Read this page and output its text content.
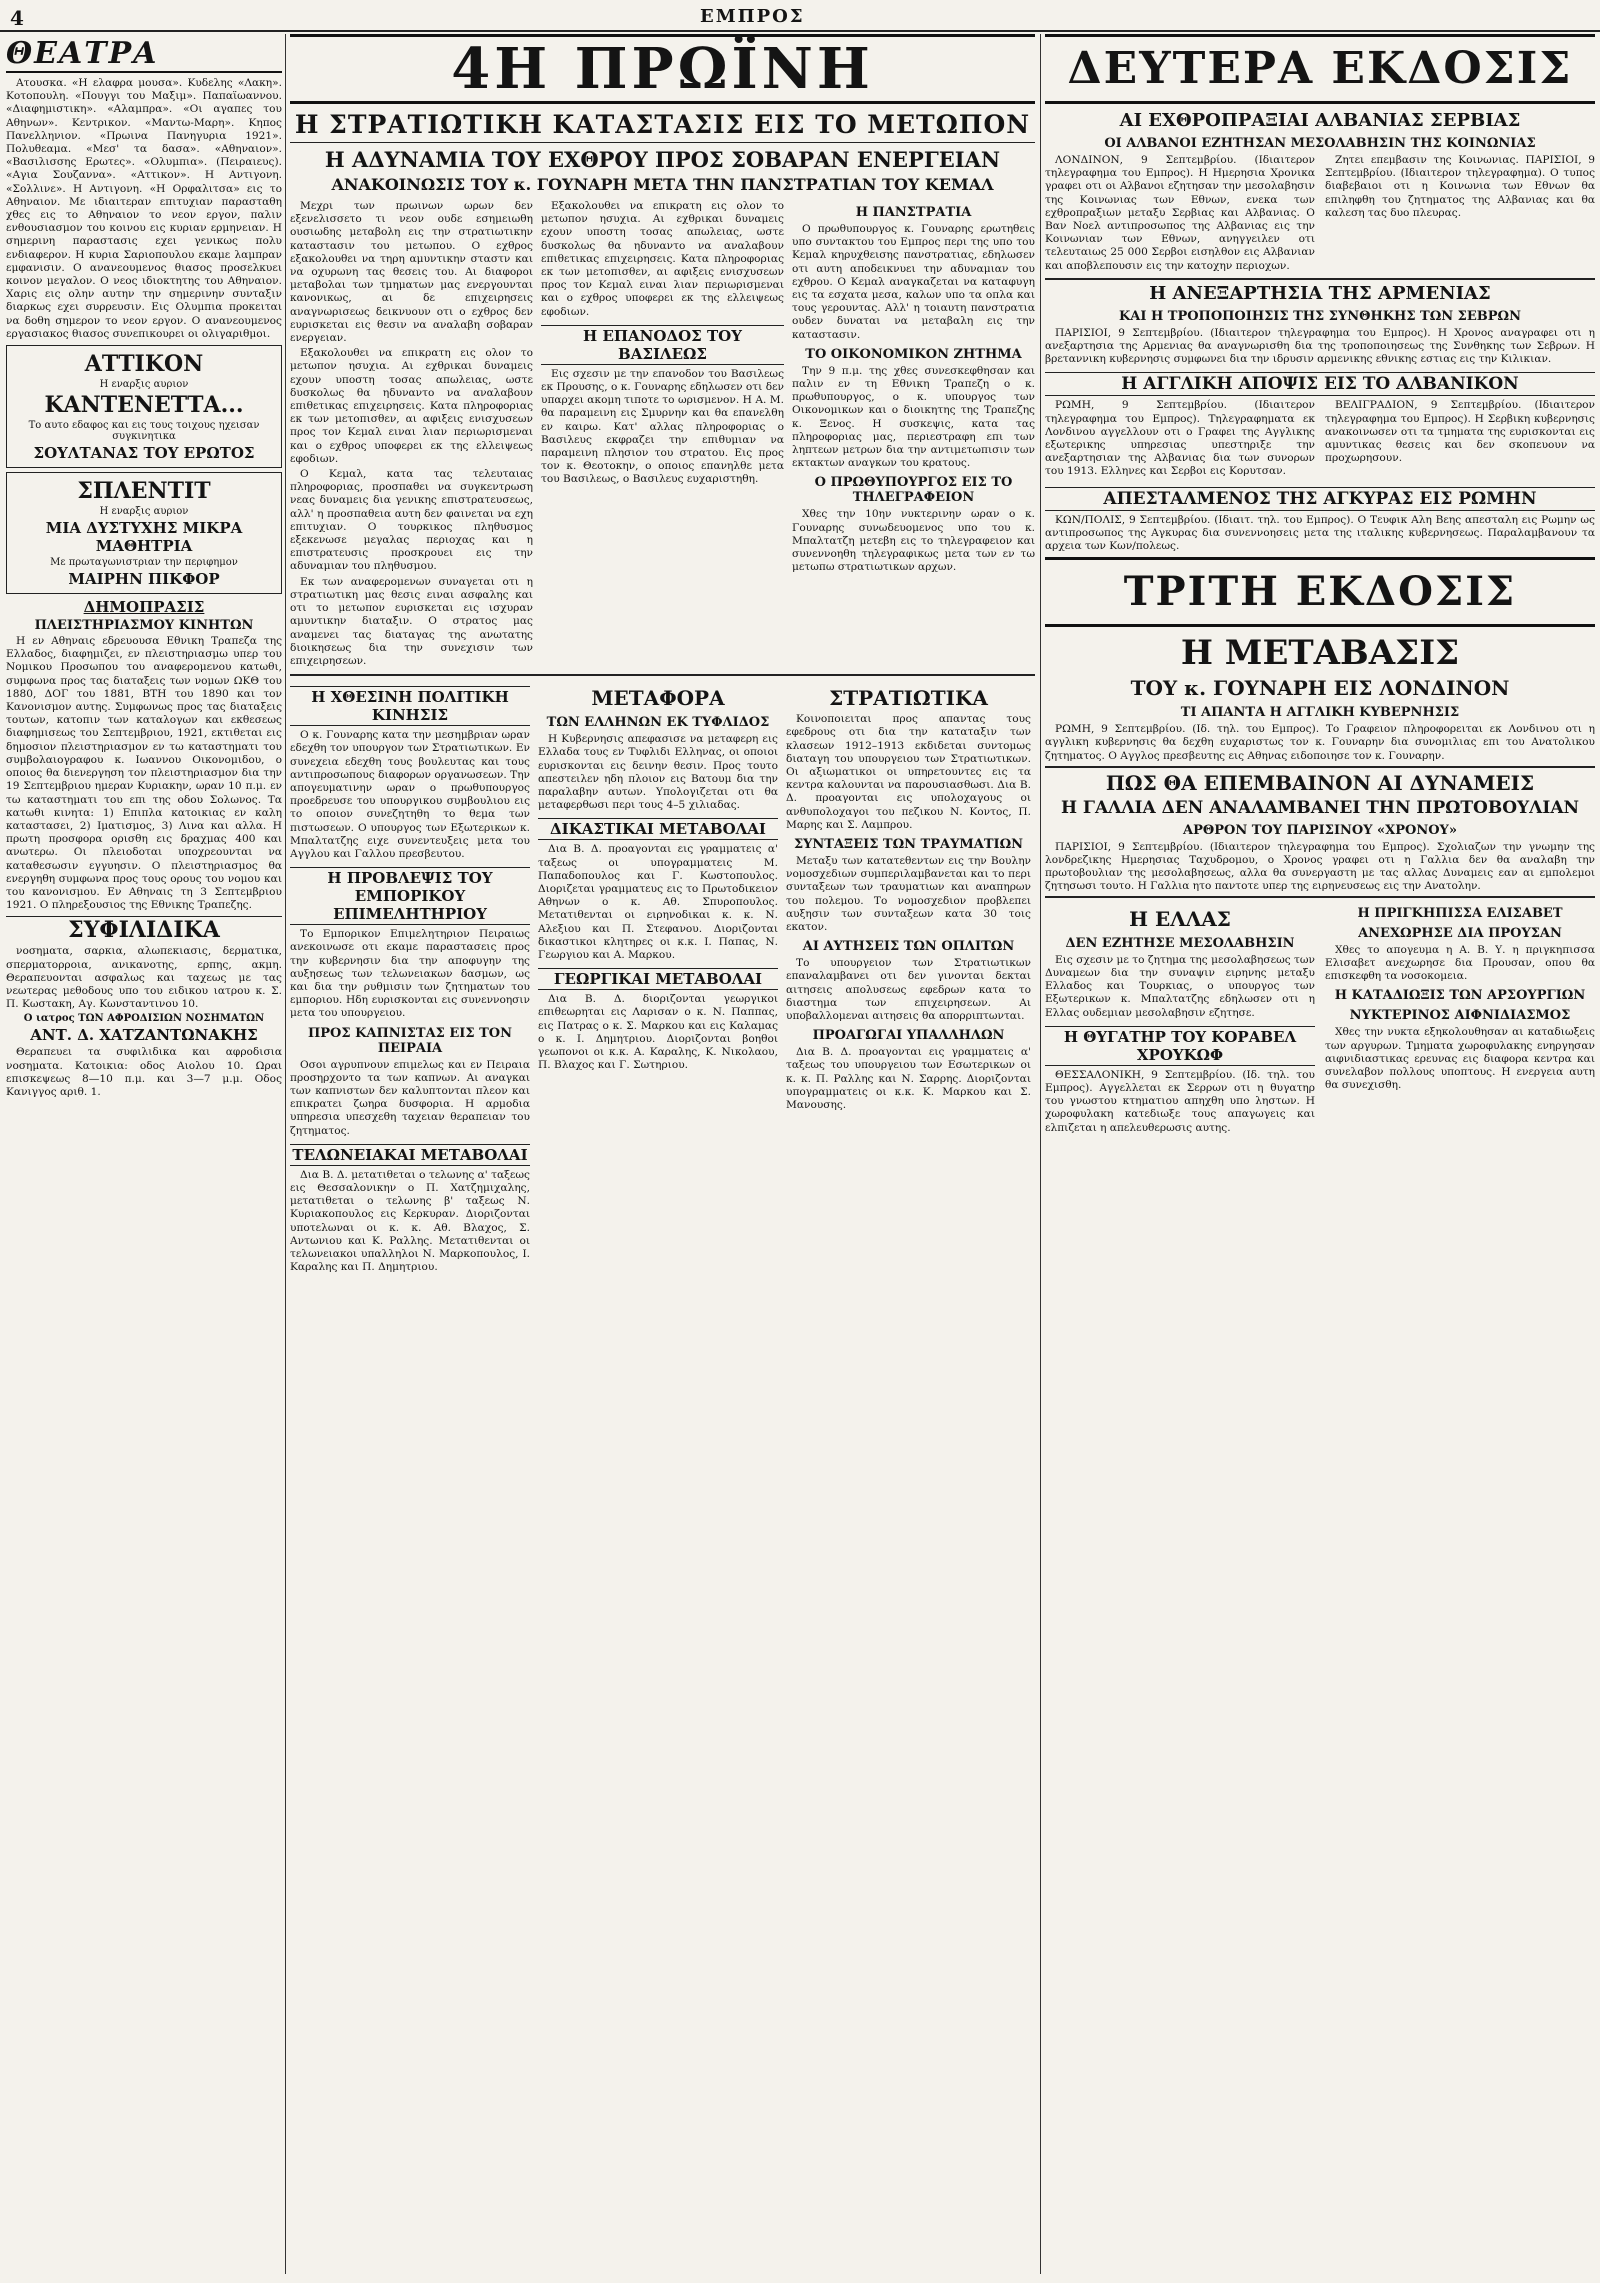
4	ΕΜΠΡΟΣ
ΘΕΑΤΡΑ

Ατουσκα. «Η ελαφρα μουσα». Κυδελης «Λακη». Κοτοπουλη. «Πουγγι του Μαξιμ». Παπαϊωαννου. «Διαφημιστικη». «Αλαμπρα». «Οι αγαπες του Αθηνων». Κεντρικον. «Μαντω-Μαρη». Κηπος Πανελληνιον. «Πρωινα Πανηγυρια 1921». Πολυθεαμα. «Μεσ' τα δασα». «Αθηναιον». «Βασιλισσης Ερωτες». «Ολυμπια». (Πειραιευς). «Αγια Σουζαννα». «Αττικον». Η Αντιγονη. «Σολλινε». Η Αντιγονη. «Η Ορφαλιτσα» εις το Αθηναιον. Με ιδιαιτεραν επιτυχιαν παρασταθη χθες εις το Αθηναιον το νεον εργον, παλιν ενθουσιασμον του κοινου εις κυριαν ερμηνειαν. Η σημερινη παραστασις εχει γενικως πολυ ενδιαφερον. Η κυρια Σαριοπουλου εκαμε λαμπραν εμφανισιν. Ο ανανεουμενος θιασος προσελκυει κοινον μεγαλον. Ο νεος ιδιοκτητης του Αθηναιον. Χαρις εις ολην αυτην την σημερινην συνταξιν διαρκως εχει συρρευσιν. Εις Ολυμπια προκειται να δοθη σημερον το νεον εργον. Ο ανανεουμενος εργασιακος θιασος συνεπικουρει οι ολιγαριθμοι.

ΑΤΤΙΚΟΝ
Η εναρξις αυριον
ΚΑΝΤΕΝΕΤΤΑ...
Το αυτο εδαφος και εις τους τοιχους ηχεισαν συγκινητικα
ΣΟΥΛΤΑΝΑΣ ΤΟΥ ΕΡΩΤΟΣ
ΣΠΛΕΝΤΙΤ
Η εναρξις αυριον
ΜΙΑ ΔΥΣΤΥΧΗΣ ΜΙΚΡΑ ΜΑΘΗΤΡΙΑ
Με πρωταγωνιστριαν την περιφημον
ΜΑΙΡΗΝ ΠΙΚΦΟΡ
ΔΗΜΟΠΡΑΣΙΣ
ΠΛΕΙΣΤΗΡΙΑΣΜΟΥ ΚΙΝΗΤΩΝ

Η εν Αθηναις εδρευουσα Εθνικη Τραπεζα της Ελλαδος, διαφημιζει, εν πλειστηριασμω υπερ του Νομικου Προσωπου του αναφερομενου κατωθι, συμφωνα προς τας διαταξεις των νομων ΩΚΘ του 1880, ΔΟΓ του 1881, ΒΤΗ του 1890 και τον Κανονισμον αυτης. Συμφωνως προς τας διαταξεις τουτων, κατοπιν των καταλογων και εκθεσεως διαφημισεως του Σεπτεμβριου, 1921, εκτιθεται εις δημοσιον πλειστηριασμον εν τω καταστηματι του συμβολαιογραφου κ. Ιωαννου Οικονομιδου, ο οποιος θα διενεργηση τον πλειστηριασμον δια την 19 Σεπτεμβριου ημεραν Κυριακην, ωραν 10 π.μ. εν τω καταστηματι του επι της οδου Σολωνος. Τα κατωθι κινητα: 1) Επιπλα κατοικιας εν καλη καταστασει, 2) Ιματισμος, 3) Λινα και αλλα. Η πρωτη προσφορα ορισθη εις δραχμας 400 και ανωτερω. Οι πλειοδοται υποχρεουνται να καταθεσωσιν εγγυησιν. Ο πλειστηριασμος θα ενεργηθη συμφωνα προς τους ορους του νομου και του κανονισμου. Εν Αθηναις τη 3 Σεπτεμβριου 1921. Ο πληρεξουσιος της Εθνικης Τραπεζης.

ΣΥΦΙΛΙΔΙΚΑ

νοσηματα, σαρκια, αλωπεκιασις, δερματικα, σπερματορροια, ανικανοτης, ερπης, ακμη. Θεραπευονται ασφαλως και ταχεως με τας νεωτερας μεθοδους υπο του ειδικου ιατρου κ. Σ. Π. Κωστακη, Αγ. Κωνσταντινου 10.

Ο ιατρος ΤΩΝ ΑΦΡΟΔΙΣΙΩΝ ΝΟΣΗΜΑΤΩΝ
ΑΝΤ. Δ. ΧΑΤΖΑΝΤΩΝΑΚΗΣ

Θεραπευει τα συφιλιδικα και αφροδισια νοσηματα. Κατοικια: οδος Αιολου 10. Ωραι επισκεψεως 8—10 π.μ. και 3—7 μ.μ. Οδος Κανιγγος αριθ. 1.

4Η ΠΡΩΪΝΗ
Η ΣΤΡΑΤΙΩΤΙΚΗ ΚΑΤΑΣΤΑΣΙΣ ΕΙΣ ΤΟ ΜΕΤΩΠΟΝ
Η ΑΔΥΝΑΜΙΑ ΤΟΥ ΕΧΘΡΟΥ ΠΡΟΣ ΣΟΒΑΡΑΝ ΕΝΕΡΓΕΙΑΝ
ΑΝΑΚΟΙΝΩΣΙΣ ΤΟΥ κ. ΓΟΥΝΑΡΗ ΜΕΤΑ ΤΗΝ ΠΑΝΣΤΡΑΤΙΑΝ ΤΟΥ ΚΕΜΑΛ

Μεχρι των πρωινων ωρων δεν εξενελισσετο τι νεον ουδε εσημειωθη ουσιωδης μεταβολη εις την στρατιωτικην καταστασιν του μετωπου. Ο εχθρος εξακολουθει να τηρη αμυντικην σταστν και να οχυρωνη τας θεσεις του. Αι διαφοροι μεταβολαι των τμηματων μας ενεργουνται κανονικως, αι δε επιχειρησεις αναγνωρισεως δεικνυουν οτι ο εχθρος δεν ευρισκεται εις θεσιν να αναλαβη σοβαραν ενεργειαν.

Εξακολουθει να επικρατη εις ολον το μετωπον ησυχια. Αι εχθρικαι δυναμεις εχουν υποστη τοσας απωλειας, ωστε δυσκολως θα ηδυναντο να αναλαβουν επιθετικας επιχειρησεις. Κατα πληροφοριας εκ των μετοπισθεν, αι αφιξεις ενισχυσεων προς τον Κεμαλ ειναι λιαν περιωρισμεναι και ο εχθρος υποφερει εκ της ελλειψεως εφοδιων.

Ο Κεμαλ, κατα τας τελευταιας πληροφοριας, προσπαθει να συγκεντρωση νεας δυναμεις δια γενικης επιστρατευσεως, αλλ' η προσπαθεια αυτη δεν φαινεται να εχη επιτυχιαν. Ο τουρκικος πληθυσμος εξεκενωσε μεγαλας περιοχας και η επιστρατευσις προσκρουει εις την αδυναμιαν του πληθυσμου.

Εκ των αναφερομενων συναγεται οτι η στρατιωτικη μας θεσις ειναι ασφαλης και οτι το μετωπον ευρισκεται εις ισχυραν αμυντικην διαταξιν. Ο στρατος μας αναμενει τας διαταγας της ανωτατης διοικησεως δια την συνεχισιν των επιχειρησεων.

Εξακολουθει να επικρατη εις ολον το μετωπον ησυχια. Αι εχθρικαι δυναμεις εχουν υποστη τοσας απωλειας, ωστε δυσκολως θα ηδυναντο να αναλαβουν επιθετικας επιχειρησεις. Κατα πληροφοριας εκ των μετοπισθεν, αι αφιξεις ενισχυσεων προς τον Κεμαλ ειναι λιαν περιωρισμεναι και ο εχθρος υποφερει εκ της ελλειψεως εφοδιων.

Η ΕΠΑΝΟΔΟΣ ΤΟΥ ΒΑΣΙΛΕΩΣ

Εις σχεσιν με την επανοδον του Βασιλεως εκ Προυσης, ο κ. Γουναρης εδηλωσεν οτι δεν υπαρχει ακομη τιποτε το ωρισμενον. Η Α. Μ. θα παραμεινη εις Σμυρνην και θα επανελθη εν καιρω. Κατ' αλλας πληροφοριας ο Βασιλευς εκφραζει την επιθυμιαν να παραμεινη πλησιον του στρατου. Εις προς τον κ. Θεοτοκην, ο οποιος επανηλθε μετα του Βασιλεως, ο Βασιλευς ευχαριστηθη.

Η ΠΑΝΣΤΡΑΤΙΑ

Ο πρωθυπουργος κ. Γουναρης ερωτηθεις υπο συντακτου του Εμπρος περι της υπο του Κεμαλ κηρυχθεισης πανστρατιας, εδηλωσεν οτι αυτη αποδεικνυει την αδυναμιαν του εχθρου. Ο Κεμαλ αναγκαζεται να καταφυγη εις τα εσχατα μεσα, καλων υπο τα οπλα και τους γερουντας. Αλλ' η τοιαυτη πανστρατια ουδεν δυναται να μεταβαλη εις την καταστασιν.

ΤΟ ΟΙΚΟΝΟΜΙΚΟΝ ΖΗΤΗΜΑ

Την 9 π.μ. της χθες συνεσκεφθησαν και παλιν εν τη Εθνικη Τραπεζη ο κ. πρωθυπουργος, ο κ. υπουργος των Οικονομικων και ο διοικητης της Τραπεζης κ. Ξενος. Η συσκεψις, κατα τας πληροφοριας μας, περιεστραφη επι των ληπτεων μετρων δια την αντιμετωπισιν των εκτακτων αναγκων του κρατους.

Ο ΠΡΩΘΥΠΟΥΡΓΟΣ ΕΙΣ ΤΟ ΤΗΛΕΓΡΑΦΕΙΟΝ

Χθες την 10ην νυκτερινην ωραν ο κ. Γουναρης συνωδευομενος υπο του κ. Μπαλτατζη μετεβη εις το τηλεγραφειον και συνεννοηθη τηλεγραφικως μετα των εν τω μετωπω στρατιωτικων αρχων.

Η ΧΘΕΣΙΝΗ ΠΟΛΙΤΙΚΗ ΚΙΝΗΣΙΣ

Ο κ. Γουναρης κατα την μεσημβριαν ωραν εδεχθη τον υπουργον των Στρατιωτικων. Εν συνεχεια εδεχθη τους βουλευτας και τους αντιπροσωπους διαφορων οργανωσεων. Την απογευματινην ωραν ο πρωθυπουργος προεδρευσε του υπουργικου συμβουλιου εις το οποιον συνεζητηθη το θεμα των πιστωσεων. Ο υπουργος των Εξωτερικων κ. Μπαλτατζης ειχε συνεντευξεις μετα του Αγγλου και Γαλλου πρεσβευτου.

Η ΠΡΟΒΛΕΨΙΣ ΤΟΥ ΕΜΠΟΡΙΚΟΥ ΕΠΙΜΕΛΗΤΗΡΙΟΥ

Το Εμπορικον Επιμελητηριον Πειραιως ανεκοινωσε οτι εκαμε παραστασεις προς την κυβερνησιν δια την αποφυγην της αυξησεως των τελωνειακων δασμων, ως και δια την ρυθμισιν των ζητηματων του εμποριου. Ηδη ευρισκονται εις συνεννοησιν μετα του υπουργειου.

ΠΡΟΣ ΚΑΠΝΙΣΤΑΣ ΕΙΣ ΤΟΝ ΠΕΙΡΑΙΑ

Οσοι αγρυπνουν επιμελως και εν Πειραια προσηρχοντο τα των καπνων. Αι αναγκαι των καπνιστων δεν καλυπτονται πλεον και επικρατει ζωηρα δυσφορια. Η αρμοδια υπηρεσια υπεσχεθη ταχειαν θεραπειαν του ζητηματος.

ΤΕΛΩΝΕΙΑΚΑΙ ΜΕΤΑΒΟΛΑΙ

Δια Β. Δ. μετατιθεται ο τελωνης α' ταξεως εις Θεσσαλονικην ο Π. Χατζημιχαλης, μετατιθεται ο τελωνης β' ταξεως Ν. Κυριακοπουλος εις Κερκυραν. Διοριζονται υποτελωναι οι κ. κ. Αθ. Βλαχος, Σ. Αντωνιου και Κ. Ραλλης. Μετατιθενται οι τελωνειακοι υπαλληλοι Ν. Μαρκοπουλος, Ι. Καραλης και Π. Δημητριου.

ΜΕΤΑΦΟΡΑ
ΤΩΝ ΕΛΛΗΝΩΝ ΕΚ ΤΥΦΛΙΔΟΣ

Η Κυβερνησις απεφασισε να μεταφερη εις Ελλαδα τους εν Τυφλιδι Ελληνας, οι οποιοι ευρισκονται εις δεινην θεσιν. Προς τουτο απεστειλεν ηδη πλοιον εις Βατουμ δια την παραλαβην αυτων. Υπολογιζεται οτι θα μεταφερθωσι περι τους 4–5 χιλιαδας.

ΔΙΚΑΣΤΙΚΑΙ ΜΕΤΑΒΟΛΑΙ

Δια Β. Δ. προαγονται εις γραμματεις α' ταξεως οι υπογραμματεις Μ. Παπαδοπουλος και Γ. Κωστοπουλος. Διοριζεται γραμματευς εις το Πρωτοδικειον Αθηνων ο κ. Αθ. Σπυροπουλος. Μετατιθενται οι ειρηνοδικαι κ. κ. Ν. Αλεξιου και Π. Στεφανου. Διοριζονται δικαστικοι κλητηρες οι κ.κ. Ι. Παπας, Ν. Γεωργιου και Α. Μαρκου.

ΓΕΩΡΓΙΚΑΙ ΜΕΤΑΒΟΛΑΙ

Δια Β. Δ. διοριζονται γεωργικοι επιθεωρηται εις Λαρισαν ο κ. Ν. Παππας, εις Πατρας ο κ. Σ. Μαρκου και εις Καλαμας ο κ. Ι. Δημητριου. Διοριζονται βοηθοι γεωπονοι οι κ.κ. Α. Καραλης, Κ. Νικολαου, Π. Βλαχος και Γ. Σωτηριου.

ΣΤΡΑΤΙΩΤΙΚΑ

Κοινοποιειται προς απαντας τους εφεδρους οτι δια την καταταξιν των κλασεων 1912–1913 εκδιδεται συντομως διαταγη του υπουργειου των Στρατιωτικων. Οι αξιωματικοι οι υπηρετουντες εις τα κεντρα καλουνται να παρουσιασθωσι. Δια Β. Δ. προαγονται εις υπολοχαγους οι ανθυπολοχαγοι του πεζικου Ν. Κοντος, Π. Μαρης και Σ. Λαμπρου.

ΣΥΝΤΑΞΕΙΣ ΤΩΝ ΤΡΑΥΜΑΤΙΩΝ

Μεταξυ των κατατεθεντων εις την Βουλην νομοσχεδιων συμπεριλαμβανεται και το περι συνταξεων των τραυματιων και αναπηρων του πολεμου. Το νομοσχεδιον προβλεπει αυξησιν των συνταξεων κατα 30 τοις εκατον.

ΑΙ ΑΥΤΗΣΕΙΣ ΤΩΝ ΟΠΛΙΤΩΝ

Το υπουργειον των Στρατιωτικων επαναλαμβανει οτι δεν γινονται δεκται αιτησεις απολυσεως εφεδρων κατα το διαστημα των επιχειρησεων. Αι υποβαλλομεναι αιτησεις θα απορριπτωνται.

ΠΡΟΑΓΩΓΑΙ ΥΠΑΛΛΗΛΩΝ

Δια Β. Δ. προαγονται εις γραμματεις α' ταξεως του υπουργειου των Εσωτερικων οι κ. κ. Π. Ραλλης και Ν. Σαρρης. Διοριζονται υπογραμματεις οι κ.κ. Κ. Μαρκου και Σ. Μανουσης.

ΔΕΥΤΕΡΑ ΕΚΔΟΣΙΣ
ΑΙ ΕΧΘΡΟΠΡΑΞΙΑΙ ΑΛΒΑΝΙΑΣ ΣΕΡΒΙΑΣ
ΟΙ ΑΛΒΑΝΟΙ ΕΖΗΤΗΣΑΝ ΜΕΣΟΛΑΒΗΣΙΝ ΤΗΣ ΚΟΙΝΩΝΙΑΣ

ΛΟΝΔΙΝΟΝ, 9 Σεπτεμβρίου. (Ιδιαιτερον τηλεγραφημα του Εμπρος). Η Ημερησια Χρονικα γραφει οτι οι Αλβανοι εζητησαν την μεσολαβησιν της Κοινωνιας των Εθνων, ενεκα των εχθροπραξιων μεταξυ Σερβιας και Αλβανιας. Ο Βαν Νοελ αντιπροσωπος της Αλβανιας εις την Κοινωνιαν των Εθνων, ανηγγειλεν οτι τελευταιως 25 000 Σερβοι εισηλθον εις Αλβανιαν και αποβλεπουσιν εις την κατοχην περιοχων.

Ζητει επεμβασιν της Κοινωνιας. ΠΑΡΙΣΙΟΙ, 9 Σεπτεμβρίου. (Ιδιαιτερον τηλεγραφημα). Ο τυπος διαβεβαιοι οτι η Κοινωνια των Εθνων θα επιληφθη του ζητηματος της Αλβανιας και θα καλεση τας δυο πλευρας.

Η ΑΝΕΞΑΡΤΗΣΙΑ ΤΗΣ ΑΡΜΕΝΙΑΣ
ΚΑΙ Η ΤΡΟΠΟΠΟΙΗΣΙΣ ΤΗΣ ΣΥΝΘΗΚΗΣ ΤΩΝ ΣΕΒΡΩΝ

ΠΑΡΙΣΙΟΙ, 9 Σεπτεμβρίου. (Ιδιαιτερον τηλεγραφημα του Εμπρος). Η Χρονος αναγραφει οτι η ανεξαρτησια της Αρμενιας θα αναγνωρισθη δια της τροποποιησεως της Συνθηκης των Σεβρων. Η βρεταννικη κυβερνησις συμφωνει δια την ιδρυσιν αρμενικης εθνικης εστιας εις την Κιλικιαν.

Η ΑΓΓΛΙΚΗ ΑΠΟΨΙΣ ΕΙΣ ΤΟ ΑΛΒΑΝΙΚΟΝ

ΡΩΜΗ, 9 Σεπτεμβρίου. (Ιδιαιτερον τηλεγραφημα του Εμπρος). Τηλεγραφηματα εκ Λονδινου αγγελλουν οτι ο Γραφει της Αγγλικης εξωτερικης υπηρεσιας υπεστηριξε την ανεξαρτησιαν της Αλβανιας δια των συνορων του 1913. Ελληνες και Σερβοι εις Κορυτσαν.

ΒΕΛΙΓΡΑΔΙΟΝ, 9 Σεπτεμβρίου. (Ιδιαιτερον τηλεγραφημα του Εμπρος). Η Σερβικη κυβερνησις ανακοινωσεν οτι τα τμηματα της ευρισκονται εις αμυντικας θεσεις και δεν σκοπευουν να προχωρησουν.

ΑΠΕΣΤΑΛΜΕΝΟΣ ΤΗΣ ΑΓΚΥΡΑΣ ΕΙΣ ΡΩΜΗΝ

ΚΩΝ/ΠΟΛΙΣ, 9 Σεπτεμβρίου. (Ιδιαιτ. τηλ. του Εμπρος). Ο Τευφικ Αλη Βεης απεσταλη εις Ρωμην ως αντιπροσωπος της Αγκυρας δια συνεννοησεις μετα της ιταλικης κυβερνησεως. Παραλαμβανουν τα αρχεια των Κων/πολεως.

ΤΡΙΤΗ ΕΚΔΟΣΙΣ
Η ΜΕΤΑΒΑΣΙΣ
ΤΟΥ κ. ΓΟΥΝΑΡΗ ΕΙΣ ΛΟΝΔΙΝΟΝ
ΤΙ ΑΠΑΝΤΑ Η ΑΓΓΛΙΚΗ ΚΥΒΕΡΝΗΣΙΣ

ΡΩΜΗ, 9 Σεπτεμβρίου. (Ιδ. τηλ. του Εμπρος). Το Γραφειον πληροφορειται εκ Λονδινου οτι η αγγλικη κυβερνησις θα δεχθη ευχαριστως τον κ. Γουναρην δια συνομιλιας επι του Ανατολικου ζητηματος. Ο Αγγλος πρεσβευτης εις Αθηνας ειδοποιησε τον κ. Γουναρην.

ΠΩΣ ΘΑ ΕΠΕΜΒΑΙΝΟΝ ΑΙ ΔΥΝΑΜΕΙΣ
Η ΓΑΛΛΙΑ ΔΕΝ ΑΝΑΛΑΜΒΑΝΕΙ ΤΗΝ ΠΡΩΤΟΒΟΥΛΙΑΝ
ΑΡΘΡΟΝ ΤΟΥ ΠΑΡΙΣΙΝΟΥ «ΧΡΟΝΟΥ»

ΠΑΡΙΣΙΟΙ, 9 Σεπτεμβρίου. (Ιδιαιτερον τηλεγραφημα του Εμπρος). Σχολιαζων την γνωμην της λονδρεζικης Ημερησιας Ταχυδρομου, ο Χρονος γραφει οτι η Γαλλια δεν θα αναλαβη την πρωτοβουλιαν της μεσολαβησεως, αλλα θα συνεργαστη με τας αλλας Δυναμεις εαν αι εμπολεμοι ζητησωσι τουτο. Η Γαλλια ητο παντοτε υπερ της ειρηνευσεως εις την Ανατολην.

Η ΕΛΛΑΣ
ΔΕΝ ΕΖΗΤΗΣΕ ΜΕΣΟΛΑΒΗΣΙΝ

Εις σχεσιν με το ζητημα της μεσολαβησεως των Δυναμεων δια την συναψιν ειρηνης μεταξυ Ελλαδος και Τουρκιας, ο υπουργος των Εξωτερικων κ. Μπαλτατζης εδηλωσεν οτι η Ελλας ουδεμιαν μεσολαβησιν εζητησε.

Η ΘΥΓΑΤΗΡ ΤΟΥ ΚΟΡΑΒΕΛ ΧΡΟΥΚΩΦ

ΘΕΣΣΑΛΟΝΙΚΗ, 9 Σεπτεμβρίου. (Ιδ. τηλ. του Εμπρος). Αγγελλεται εκ Σερρων οτι η θυγατηρ του γνωστου κτηματιου απηχθη υπο ληστων. Η χωροφυλακη κατεδιωξε τους απαγωγεις και ελπιζεται η απελευθερωσις αυτης.

Η ΠΡΙΓΚΗΠΙΣΣΑ ΕΛΙΣΑΒΕΤ
ΑΝΕΧΩΡΗΣΕ ΔΙΑ ΠΡΟΥΣΑΝ

Χθες το απογευμα η Α. Β. Υ. η πριγκηπισσα Ελισαβετ ανεχωρησε δια Προυσαν, οπου θα επισκεφθη τα νοσοκομεια.

Η ΚΑΤΑΔΙΩΞΙΣ ΤΩΝ ΑΡΣΟΥΡΓΙΩΝ
ΝΥΚΤΕΡΙΝΟΣ ΑΙΦΝΙΔΙΑΣΜΟΣ

Χθες την νυκτα εξηκολουθησαν αι καταδιωξεις των αργυρων. Τμηματα χωροφυλακης ενηργησαν αιφνιδιαστικας ερευνας εις διαφορα κεντρα και συνελαβον πολλους υποπτους. Η ενεργεια αυτη θα συνεχισθη.
